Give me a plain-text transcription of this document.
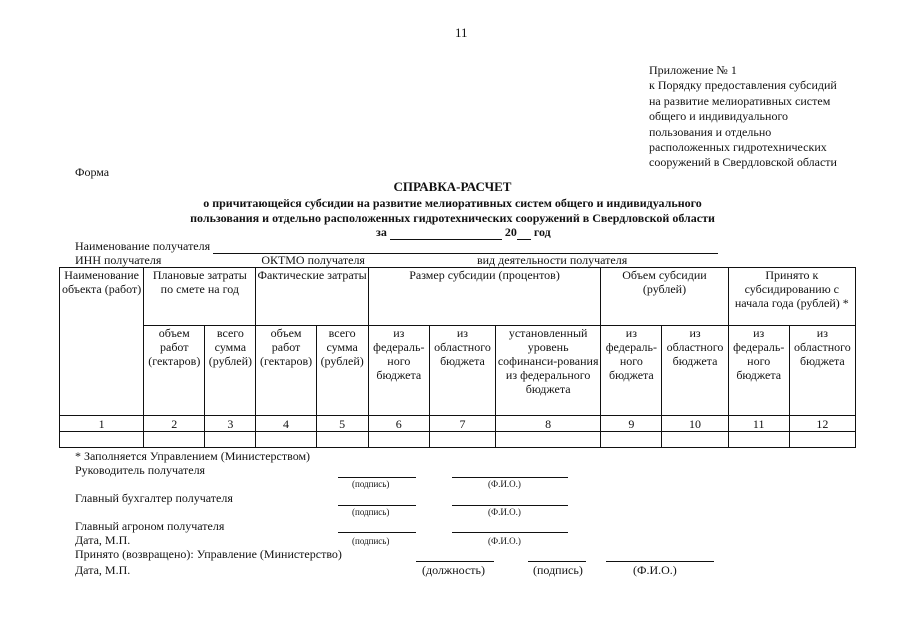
11
Приложение № 1
к Порядку предоставления субсидий
на развитие мелиоративных систем
общего и индивидуального
пользования и отдельно
расположенных гидротехнических
сооружений в Свердловской области
Форма
СПРАВКА-РАСЧЕТ
о причитающейся субсидии на развитие мелиоративных систем общего и индивидуального
пользования и отдельно расположенных гидротехнических сооружений в Свердловской области
за	20 год
Наименование получателя
ИНН получателя	ОКТМО получателя	вид деятельности получателя
Наименование объекта (работ)	Плановые затраты по смете на год		Фактические затраты		Размер субсидии (процентов)			Объем субсидии (рублей)		Принято к субсидированию с начала года (рублей) *	
	объем работ (гектаров)	всего сумма (рублей)	объем работ (гектаров)	всего сумма (рублей)	из федераль-ного бюджета	из областного бюджета	установленный уровень софинанси-рования из федерального бюджета	из федераль-ного бюджета	из областного бюджета	из федераль-ного бюджета	из областного бюджета
1	2	3	4	5	6	7	8	9	10	11	12

* Заполняется Управлением (Министерством)
Руководитель получателя
(подпись)	(Ф.И.О.)
Главный бухгалтер получателя
(подпись)	(Ф.И.О.)
Главный агроном получателя
Дата, М.П.	(подпись)	(Ф.И.О.)
Принято (возвращено): Управление (Министерство)
Дата, М.П.	(должность)	(подпись)	(Ф.И.О.)
